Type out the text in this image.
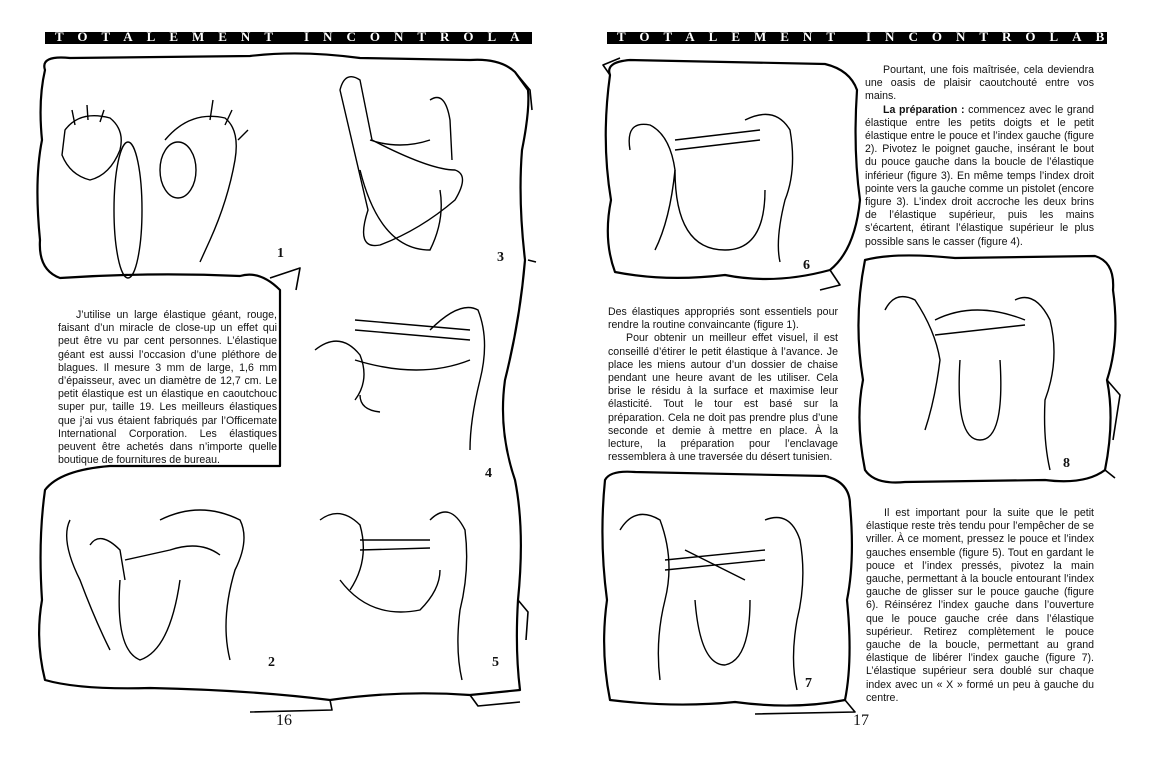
TOTALEMENT INCONTRÔLABLE
1
2
3
4
5
J’utilise un large élastique géant, rouge, faisant d’un miracle de close-up un effet qui peut être vu par cent personnes. L’élastique géant est aussi l’occasion d’une pléthore de blagues. Il mesure 3 mm de large, 1,6 mm d’épaisseur, avec un diamètre de 12,7 cm. Le petit élastique est un élastique en caoutchouc super pur, taille 19. Les meilleurs élastiques que j’ai vus étaient fabriqués par l’Officemate International Corporation. Les élastiques peuvent être achetés dans n’importe quelle boutique de fournitures de bureau.
16
TOTALEMENT INCONTRÔLABLE
6
7
8

Pourtant, une fois maîtrisée, cela deviendra une oasis de plaisir caoutchouté entre vos mains.

La préparation : commencez avec le grand élastique entre les petits doigts et le petit élastique entre le pouce et l’index gauche (figure 2). Pivotez le poignet gauche, insérant le bout du pouce gauche dans la boucle de l’élastique inférieur (figure 3). En même temps l’index droit pointe vers la gauche comme un pistolet (encore figure 3). L’index droit accroche les deux brins de l’élastique supérieur, puis les mains s’écartent, étirant l’élastique supérieur le plus possible sans le casser (figure 4).

Des élastiques appropriés sont essentiels pour rendre la routine convaincante (figure 1).

Pour obtenir un meilleur effet visuel, il est conseillé d’étirer le petit élastique à l’avance. Je place les miens autour d’un dossier de chaise pendant une heure avant de les utiliser. Cela brise le résidu à la surface et maximise leur élasticité. Tout le tour est basé sur la préparation. Cela ne doit pas prendre plus d’une seconde et demie à mettre en place. À la lecture, la préparation pour l’enclavage ressemblera à une traversée du désert tunisien.

Il est important pour la suite que le petit élastique reste très tendu pour l’empêcher de se vriller. À ce moment, pressez le pouce et l’index gauches ensemble (figure 5). Tout en gardant le pouce et l’index pressés, pivotez la main gauche, permettant à la boucle entourant l’index gauche de glisser sur le pouce gauche (figure 6). Réinsérez l’index gauche dans l’ouverture que le pouce gauche crée dans l’élastique supérieur. Retirez complètement le pouce gauche de la boucle, permettant au grand élastique de libérer l’index gauche (figure 7). L’élastique supérieur sera doublé sur chaque index avec un « X » formé un peu à gauche du centre.
17
